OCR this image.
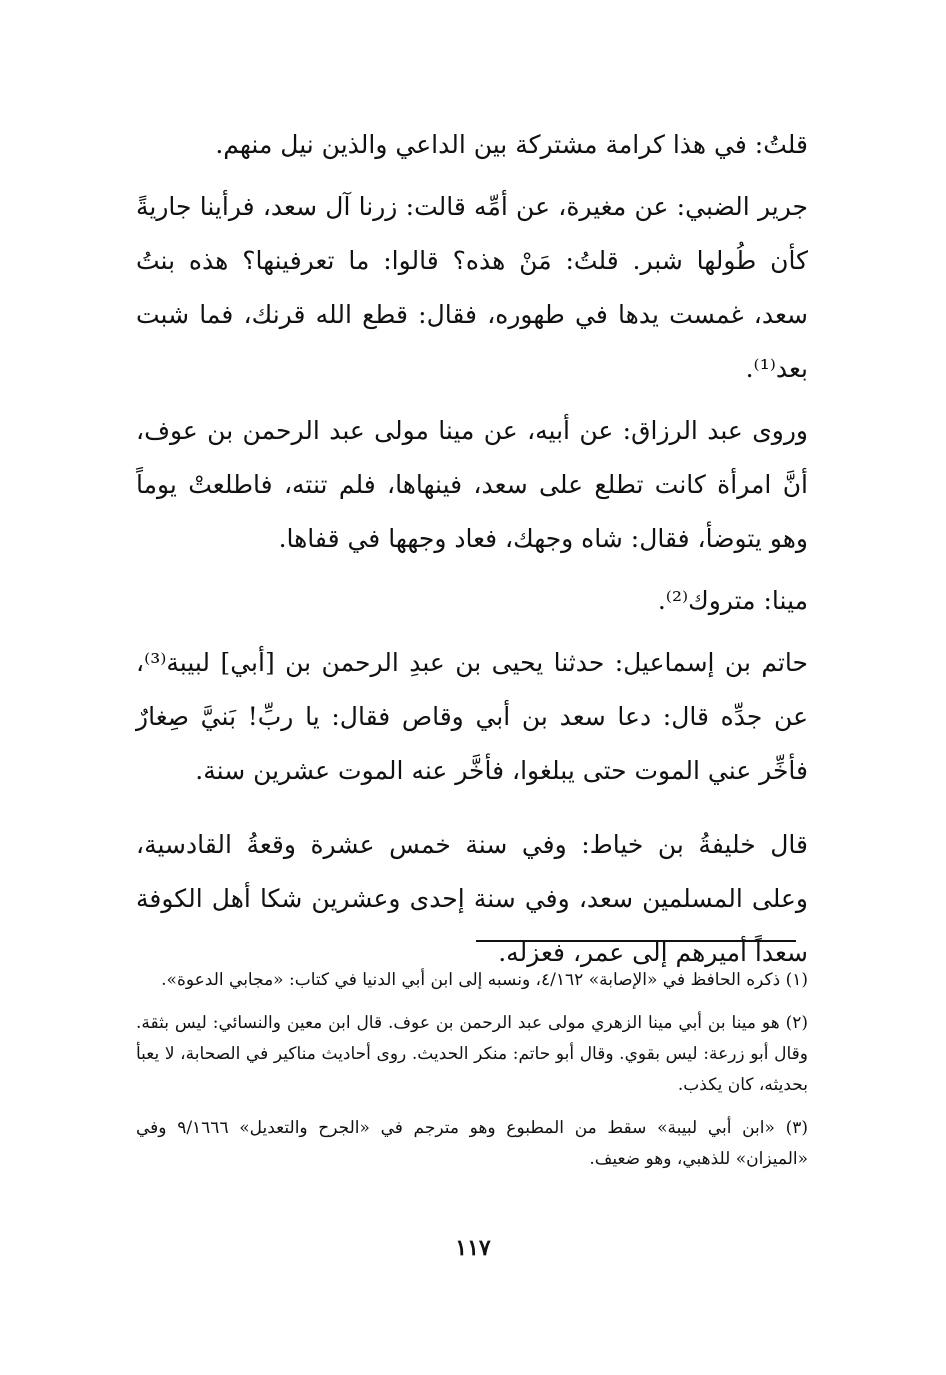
قلتُ: في هذا كرامة مشتركة بين الداعي والذين نيل منهم.

جرير الضبي: عن مغيرة، عن أمِّه قالت: زرنا آل سعد، فرأينا جاريةً كأن طُولها شبر. قلتُ: مَنْ هذه؟ قالوا: ما تعرفينها؟ هذه بنتُ سعد، غمست يدها في طهوره، فقال: قطع الله قرنك، فما شبت بعد⁽¹⁾.

وروى عبد الرزاق: عن أبيه، عن مينا مولى عبد الرحمن بن عوف، أنَّ امرأة كانت تطلع على سعد، فينهاها، فلم تنته، فاطلعتْ يوماً وهو يتوضأ، فقال: شاه وجهك، فعاد وجهها في قفاها.

مينا: متروك⁽²⁾.

حاتم بن إسماعيل: حدثنا يحيى بن عبدِ الرحمن بن [أبي] لبيبة⁽³⁾، عن جدِّه قال: دعا سعد بن أبي وقاص فقال: يا ربِّ! بَنيَّ صِغارٌ فأخِّر عني الموت حتى يبلغوا، فأخَّر عنه الموت عشرين سنة.

قال خليفةُ بن خياط: وفي سنة خمس عشرة وقعةُ القادسية، وعلى المسلمين سعد، وفي سنة إحدى وعشرين شكا أهل الكوفة سعداً أميرهم إلى عمر، فعزله.

(١) ذكره الحافظ في «الإصابة» ٤/١٦٢، ونسبه إلى ابن أبي الدنيا في كتاب: «مجابي الدعوة».

(٢) هو مينا بن أبي مينا الزهري مولى عبد الرحمن بن عوف. قال ابن معين والنسائي: ليس بثقة. وقال أبو زرعة: ليس بقوي. وقال أبو حاتم: منكر الحديث. روى أحاديث مناكير في الصحابة، لا يعبأ بحديثه، كان يكذب.

(٣) «ابن أبي لبيبة» سقط من المطبوع وهو مترجم في «الجرح والتعديل» ٩/١٦٦٦ وفي «الميزان» للذهبي، وهو ضعيف.

١١٧
